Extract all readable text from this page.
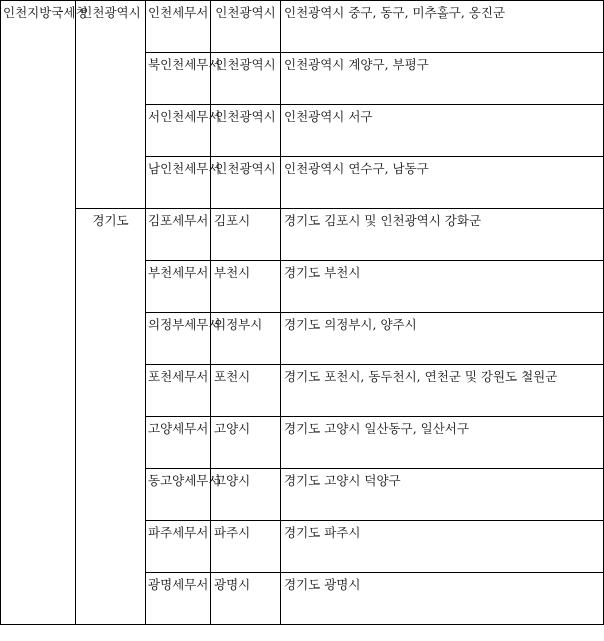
인천지방국세청	인천광역시	인천세무서	인천광역시	인천광역시 중구, 동구, 미추홀구, 옹진군
		북인천세무서	인천광역시	인천광역시 계양구, 부평구
		서인천세무서	인천광역시	인천광역시 서구
		남인천세무서	인천광역시	인천광역시 연수구, 남동구
	경기도	김포세무서	김포시	경기도 김포시 및 인천광역시 강화군
		부천세무서	부천시	경기도 부천시
		의정부세무서	의정부시	경기도 의정부시, 양주시
		포천세무서	포천시	경기도 포천시, 동두천시, 연천군 및 강원도 철원군
		고양세무서	고양시	경기도 고양시 일산동구, 일산서구
		동고양세무서	고양시	경기도 고양시 덕양구
		파주세무서	파주시	경기도 파주시
		광명세무서	광명시	경기도 광명시
